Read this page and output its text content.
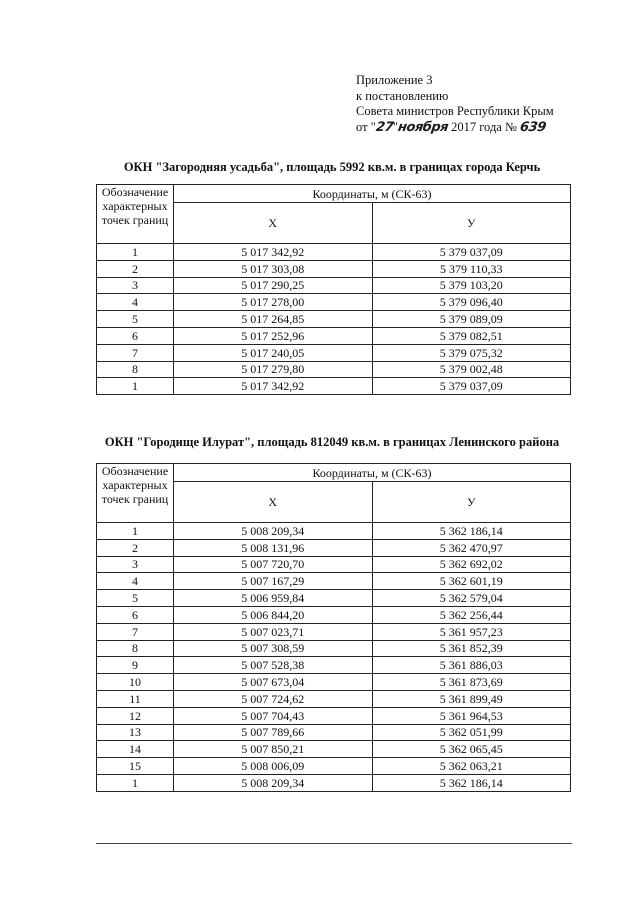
Приложение 3
к постановлению
Совета министров Республики Крым
от "27"ноября 2017 года № 639
ОКН "Загородняя усадьба", площадь 5992 кв.м. в границах города Керчь
Обозначение характерных точек границ	Координаты, м (СК-63)	
	Х	У
1	5 017 342,92	5 379 037,09
2	5 017 303,08	5 379 110,33
3	5 017 290,25	5 379 103,20
4	5 017 278,00	5 379 096,40
5	5 017 264,85	5 379 089,09
6	5 017 252,96	5 379 082,51
7	5 017 240,05	5 379 075,32
8	5 017 279,80	5 379 002,48
1	5 017 342,92	5 379 037,09
ОКН "Городище Илурат", площадь 812049 кв.м. в границах Ленинского района
Обозначение характерных точек границ	Координаты, м (СК-63)	
	Х	У
1	5 008 209,34	5 362 186,14
2	5 008 131,96	5 362 470,97
3	5 007 720,70	5 362 692,02
4	5 007 167,29	5 362 601,19
5	5 006 959,84	5 362 579,04
6	5 006 844,20	5 362 256,44
7	5 007 023,71	5 361 957,23
8	5 007 308,59	5 361 852,39
9	5 007 528,38	5 361 886,03
10	5 007 673,04	5 361 873,69
11	5 007 724,62	5 361 899,49
12	5 007 704,43	5 361 964,53
13	5 007 789,66	5 362 051,99
14	5 007 850,21	5 362 065,45
15	5 008 006,09	5 362 063,21
1	5 008 209,34	5 362 186,14
